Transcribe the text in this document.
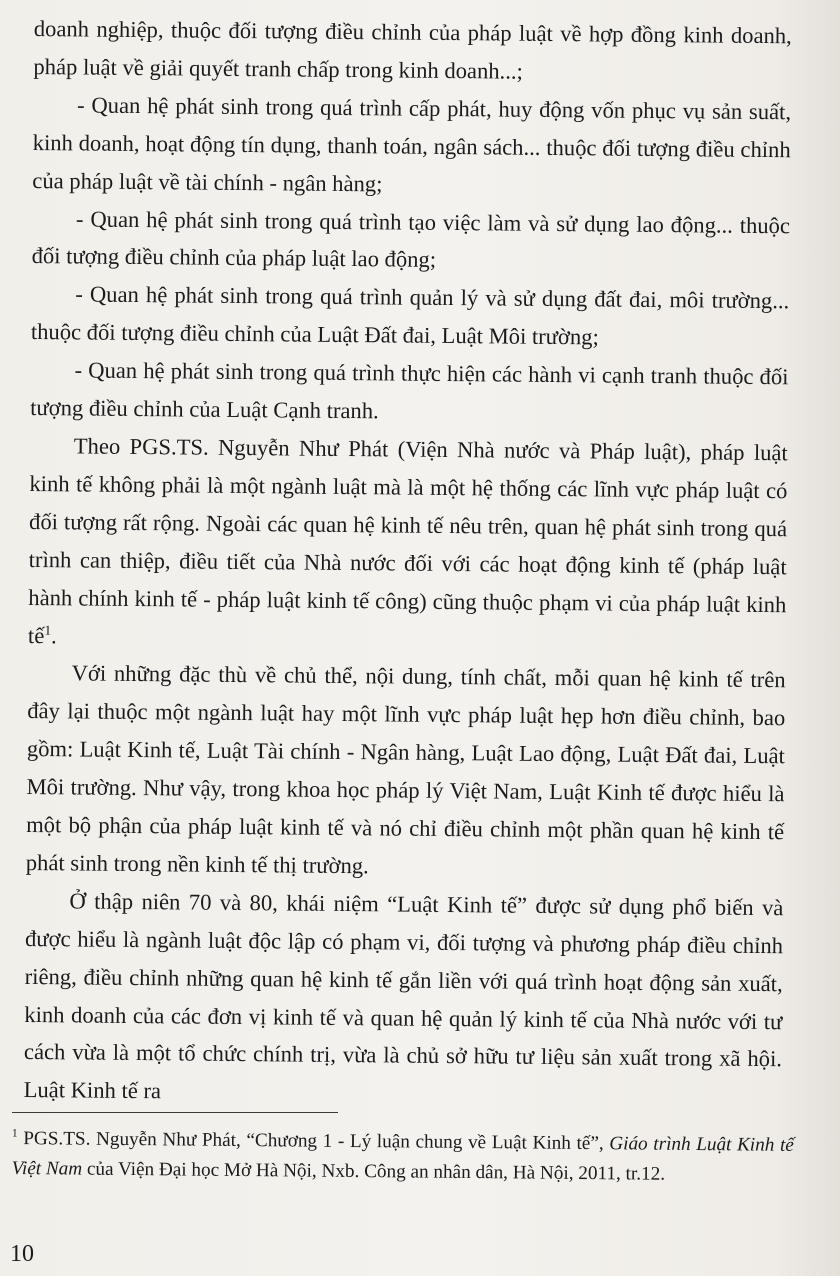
doanh nghiệp, thuộc đối tượng điều chỉnh của pháp luật về hợp đồng kinh doanh, pháp luật về giải quyết tranh chấp trong kinh doanh...;

- Quan hệ phát sinh trong quá trình cấp phát, huy động vốn phục vụ sản suất, kinh doanh, hoạt động tín dụng, thanh toán, ngân sách... thuộc đối tượng điều chỉnh của pháp luật về tài chính - ngân hàng;

- Quan hệ phát sinh trong quá trình tạo việc làm và sử dụng lao động... thuộc đối tượng điều chỉnh của pháp luật lao động;

- Quan hệ phát sinh trong quá trình quản lý và sử dụng đất đai, môi trường... thuộc đối tượng điều chỉnh của Luật Đất đai, Luật Môi trường;

- Quan hệ phát sinh trong quá trình thực hiện các hành vi cạnh tranh thuộc đối tượng điều chỉnh của Luật Cạnh tranh.

Theo PGS.TS. Nguyễn Như Phát (Viện Nhà nước và Pháp luật), pháp luật kinh tế không phải là một ngành luật mà là một hệ thống các lĩnh vực pháp luật có đối tượng rất rộng. Ngoài các quan hệ kinh tế nêu trên, quan hệ phát sinh trong quá trình can thiệp, điều tiết của Nhà nước đối với các hoạt động kinh tế (pháp luật hành chính kinh tế - pháp luật kinh tế công) cũng thuộc phạm vi của pháp luật kinh tế$^1$.

Với những đặc thù về chủ thể, nội dung, tính chất, mỗi quan hệ kinh tế trên đây lại thuộc một ngành luật hay một lĩnh vực pháp luật hẹp hơn điều chỉnh, bao gồm: Luật Kinh tế, Luật Tài chính - Ngân hàng, Luật Lao động, Luật Đất đai, Luật Môi trường. Như vậy, trong khoa học pháp lý Việt Nam, Luật Kinh tế được hiểu là một bộ phận của pháp luật kinh tế và nó chỉ điều chỉnh một phần quan hệ kinh tế phát sinh trong nền kinh tế thị trường.

Ở thập niên 70 và 80, khái niệm “Luật Kinh tế” được sử dụng phổ biến và được hiểu là ngành luật độc lập có phạm vi, đối tượng và phương pháp điều chỉnh riêng, điều chỉnh những quan hệ kinh tế gắn liền với quá trình hoạt động sản xuất, kinh doanh của các đơn vị kinh tế và quan hệ quản lý kinh tế của Nhà nước với tư cách vừa là một tổ chức chính trị, vừa là chủ sở hữu tư liệu sản xuất trong xã hội. Luật Kinh tế ra

$^1$ PGS.TS. Nguyễn Như Phát, “Chương 1 - Lý luận chung về Luật Kinh tế”, Giáo trình Luật Kinh tế Việt Nam của Viện Đại học Mở Hà Nội, Nxb. Công an nhân dân, Hà Nội, 2011, tr.12.

10
